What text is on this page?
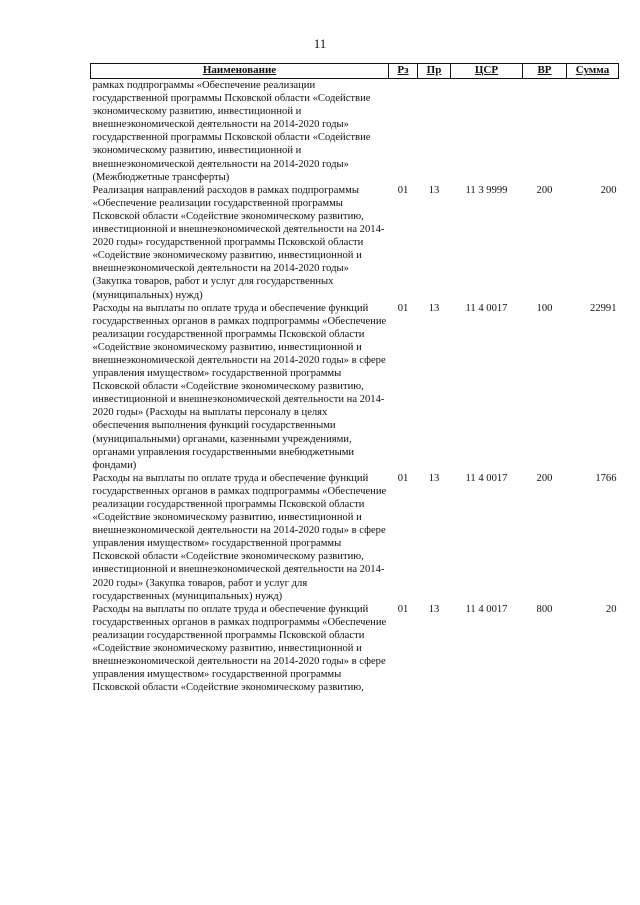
11
Наименование	Рз	Пр	ЦСР	ВР	Сумма
рамках подпрограммы «Обеспечение реализации государственной программы Псковской области «Содействие экономическому развитию, инвестиционной и внешнеэкономической деятельности на 2014-2020 годы» государственной программы Псковской области «Содействие экономическому развитию, инвестиционной и внешнеэкономической деятельности на 2014-2020 годы» (Межбюджетные трансферты)					
Реализация направлений расходов в рамках подпрограммы «Обеспечение реализации государственной программы Псковской области «Содействие экономическому развитию, инвестиционной и внешнеэкономической деятельности на 2014-2020 годы» государственной программы Псковской области «Содействие экономическому развитию, инвестиционной и внешнеэкономической деятельности на 2014-2020 годы» (Закупка товаров, работ и услуг для государственных (муниципальных) нужд)	01	13	11 3 9999	200	200
Расходы на выплаты по оплате труда и обеспечение функций государственных органов в рамках подпрограммы «Обеспечение реализации государственной программы Псковской области «Содействие экономическому развитию, инвестиционной и внешнеэкономической деятельности на 2014-2020 годы» в сфере управления имуществом» государственной программы Псковской области «Содействие экономическому развитию, инвестиционной и внешнеэкономической деятельности на 2014-2020 годы» (Расходы на выплаты персоналу в целях обеспечения выполнения функций государственными (муниципальными) органами, казенными учреждениями, органами управления государственными внебюджетными фондами)	01	13	11 4 0017	100	22991
Расходы на выплаты по оплате труда и обеспечение функций государственных органов в рамках подпрограммы «Обеспечение реализации государственной программы Псковской области «Содействие экономическому развитию, инвестиционной и внешнеэкономической деятельности на 2014-2020 годы» в сфере управления имуществом» государственной программы Псковской области «Содействие экономическому развитию, инвестиционной и внешнеэкономической деятельности на 2014-2020 годы» (Закупка товаров, работ и услуг для государственных (муниципальных) нужд)	01	13	11 4 0017	200	1766
Расходы на выплаты по оплате труда и обеспечение функций государственных органов в рамках подпрограммы «Обеспечение реализации государственной программы Псковской области «Содействие экономическому развитию, инвестиционной и внешнеэкономической деятельности на 2014-2020 годы» в сфере управления имуществом» государственной программы Псковской области «Содействие экономическому развитию,	01	13	11 4 0017	800	20
